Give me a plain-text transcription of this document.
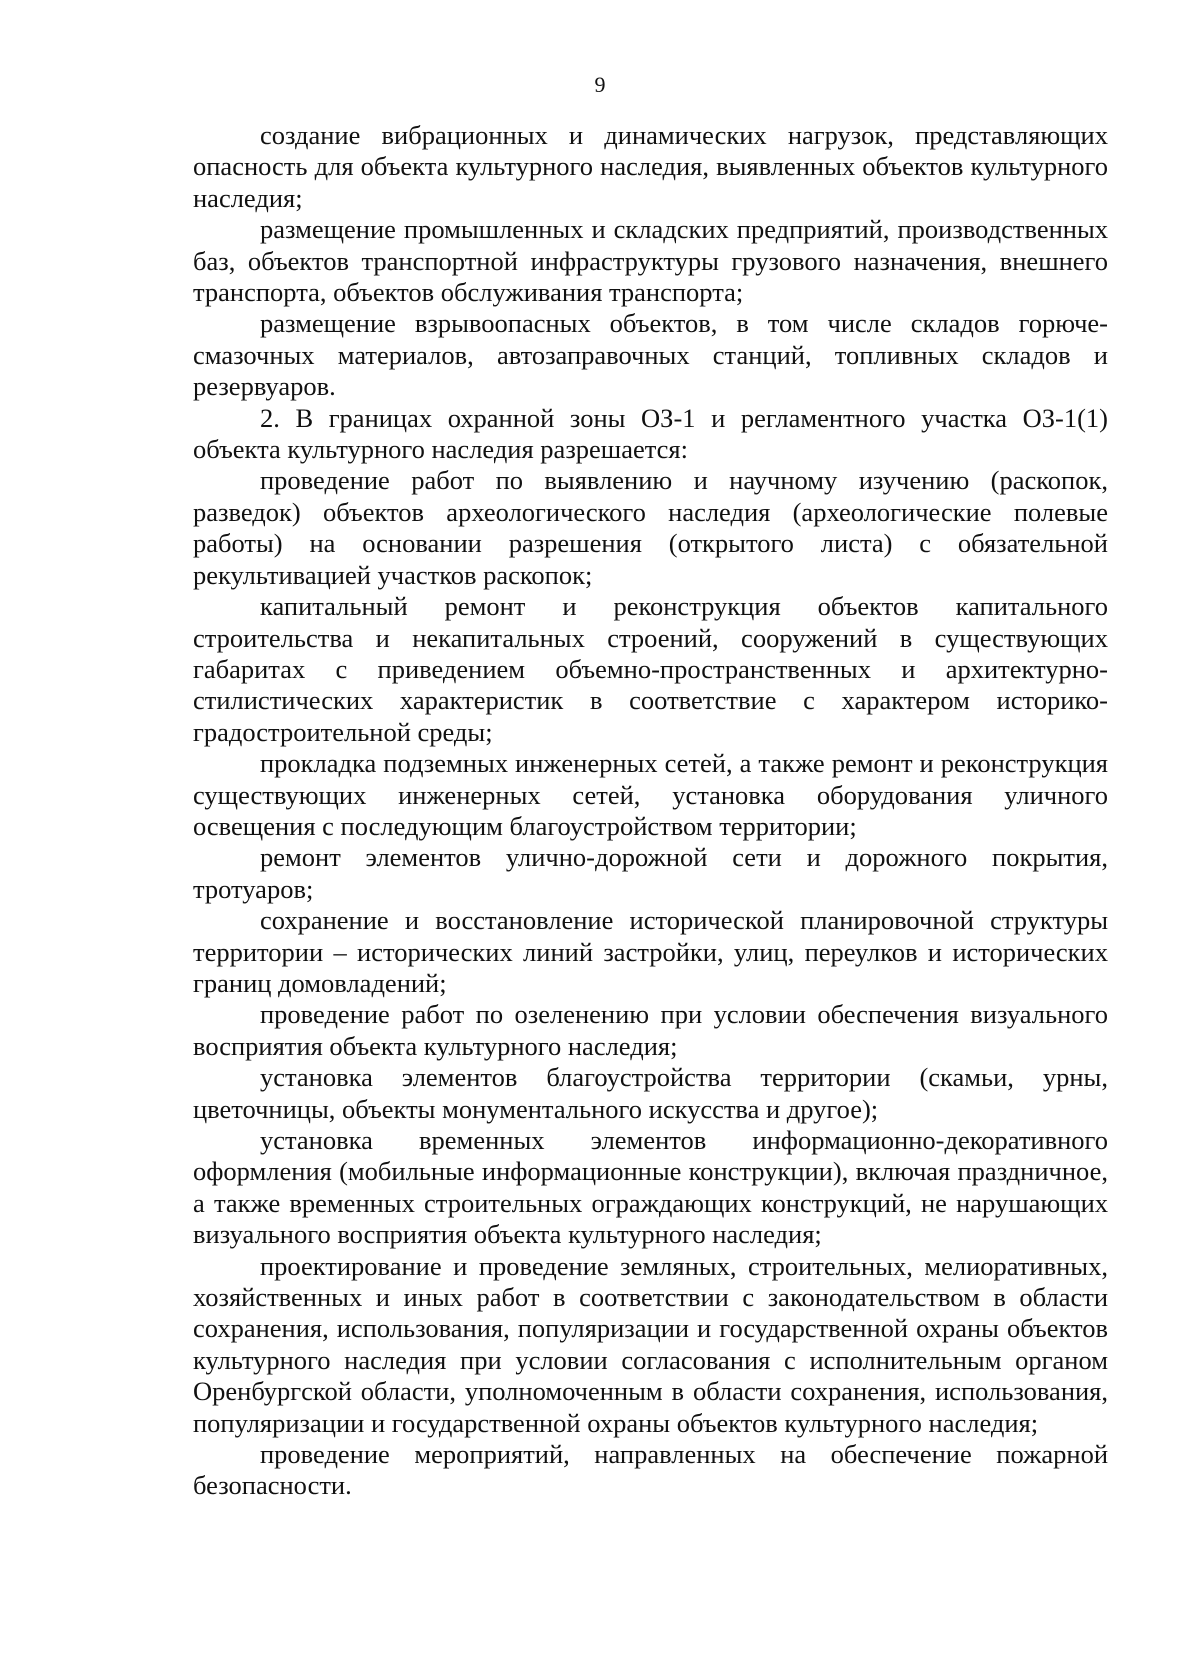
9

создание вибрационных и динамических нагрузок, представляющих опасность для объекта культурного наследия, выявленных объектов культурного наследия;

размещение промышленных и складских предприятий, производственных баз, объектов транспортной инфраструктуры грузового назначения, внешнего транспорта, объектов обслуживания транспорта;

размещение взрывоопасных объектов, в том числе складов горюче-смазочных материалов, автозаправочных станций, топливных складов и резервуаров.

2. В границах охранной зоны ОЗ-1 и регламентного участка ОЗ-1(1) объекта культурного наследия разрешается:

проведение работ по выявлению и научному изучению (раскопок, разведок) объектов археологического наследия (археологические полевые работы) на основании разрешения (открытого листа) с обязательной рекультивацией участков раскопок;

капитальный ремонт и реконструкция объектов капитального строительства и некапитальных строений, сооружений в существующих габаритах с приведением объемно-пространственных и архитектурно-стилистических характеристик в соответствие с характером историко-градостроительной среды;

прокладка подземных инженерных сетей, а также ремонт и реконструкция существующих инженерных сетей, установка оборудования уличного освещения с последующим благоустройством территории;

ремонт элементов улично-дорожной сети и дорожного покрытия, тротуаров;

сохранение и восстановление исторической планировочной структуры территории – исторических линий застройки, улиц, переулков и исторических границ домовладений;

проведение работ по озеленению при условии обеспечения визуального восприятия объекта культурного наследия;

установка элементов благоустройства территории (скамьи, урны, цветочницы, объекты монументального искусства и другое);

установка временных элементов информационно-декоративного оформления (мобильные информационные конструкции), включая праздничное, а также временных строительных ограждающих конструкций, не нарушающих визуального восприятия объекта культурного наследия;

проектирование и проведение земляных, строительных, мелиоративных, хозяйственных и иных работ в соответствии с законодательством в области сохранения, использования, популяризации и государственной охраны объектов культурного наследия при условии согласования с исполнительным органом Оренбургской области, уполномоченным в области сохранения, использования, популяризации и государственной охраны объектов культурного наследия;

проведение мероприятий, направленных на обеспечение пожарной безопасности.
